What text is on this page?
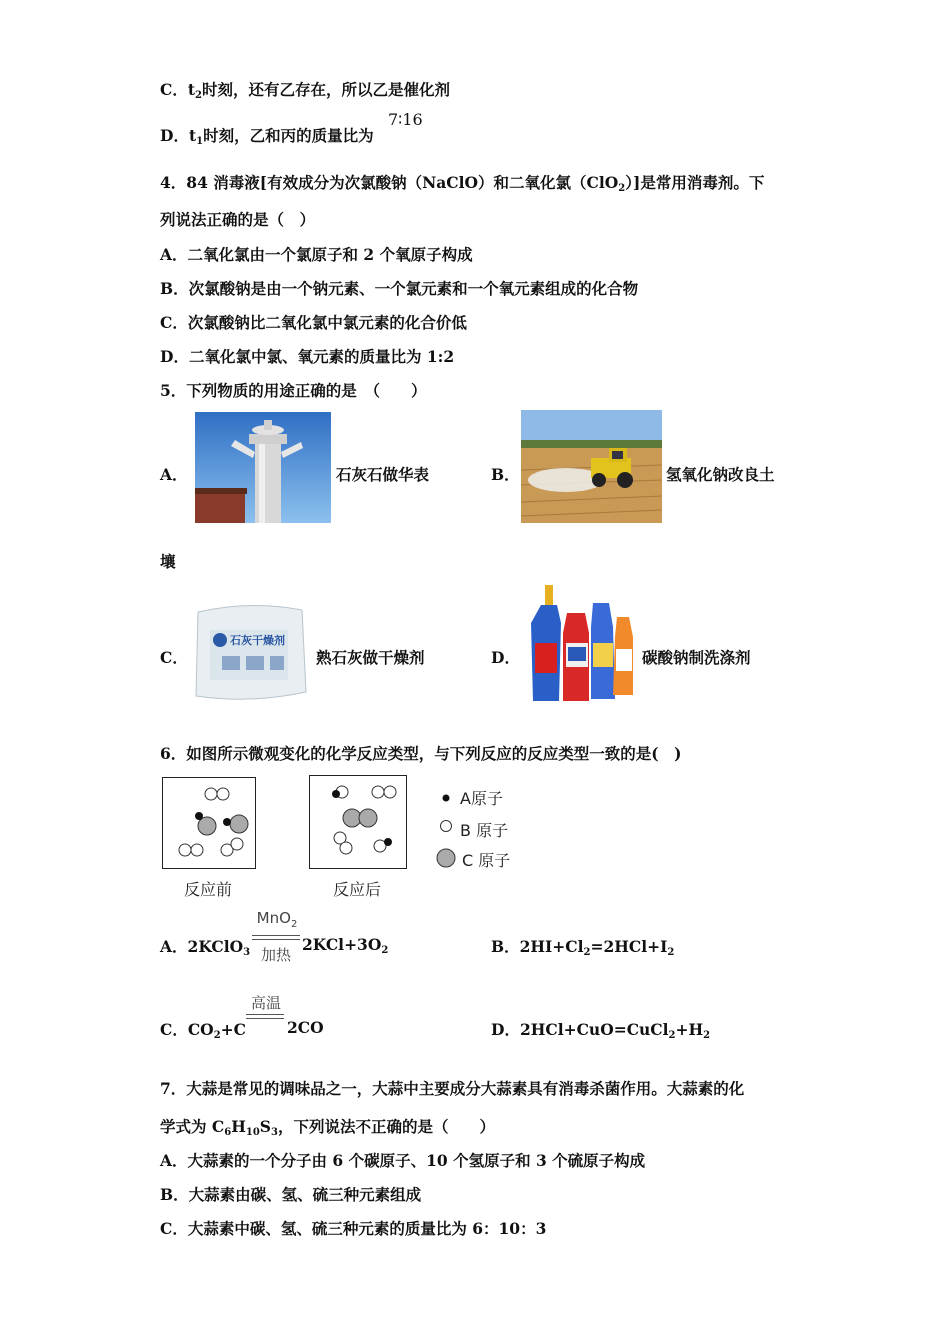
C．$t_2$时刻，还有乙存在，所以乙是催化剂
D．$t_1$时刻，乙和丙的质量比为
7∶16
4．84 消毒液[有效成分为次氯酸钠（NaClO）和二氧化氯（ClO$_2$）]是常用消毒剂。下
列说法正确的是（　）
A．二氧化氯由一个氯原子和 2 个氧原子构成
B．次氯酸钠是由一个钠元素、一个氯元素和一个氧元素组成的化合物
C．次氯酸钠比二氧化氯中氯元素的化合价低
D．二氧化氯中氯、氧元素的质量比为 1:2
5．下列物质的用途正确的是　（　　）
A．	石灰石做华表	B．	氢氧化钠改良土
壤
C．
石灰干燥剂
熟石灰做干燥剂	D．	碳酸钠制洗涤剂
6．如图所示微观变化的化学反应类型，与下列反应的反应类型一致的是(　)
反应前	反应后
A原子
B 原子
C 原子
A．2KClO$_3$
MnO$_2$
加热
$2KCl+3O_2$	B．$2HI+Cl_2=2HCl+I_2$
C．$CO_2+C$
高温
2CO	D．$2HCl+CuO=CuCl_2+H_2$
7．大蒜是常见的调味品之一，大蒜中主要成分大蒜素具有消毒杀菌作用。大蒜素的化
学式为 $C_6H_{10}S_3$，下列说法不正确的是（　　）
A．大蒜素的一个分子由 6 个碳原子、10 个氢原子和 3 个硫原子构成
B．大蒜素由碳、氢、硫三种元素组成
C．大蒜素中碳、氢、硫三种元素的质量比为 6：10：3
